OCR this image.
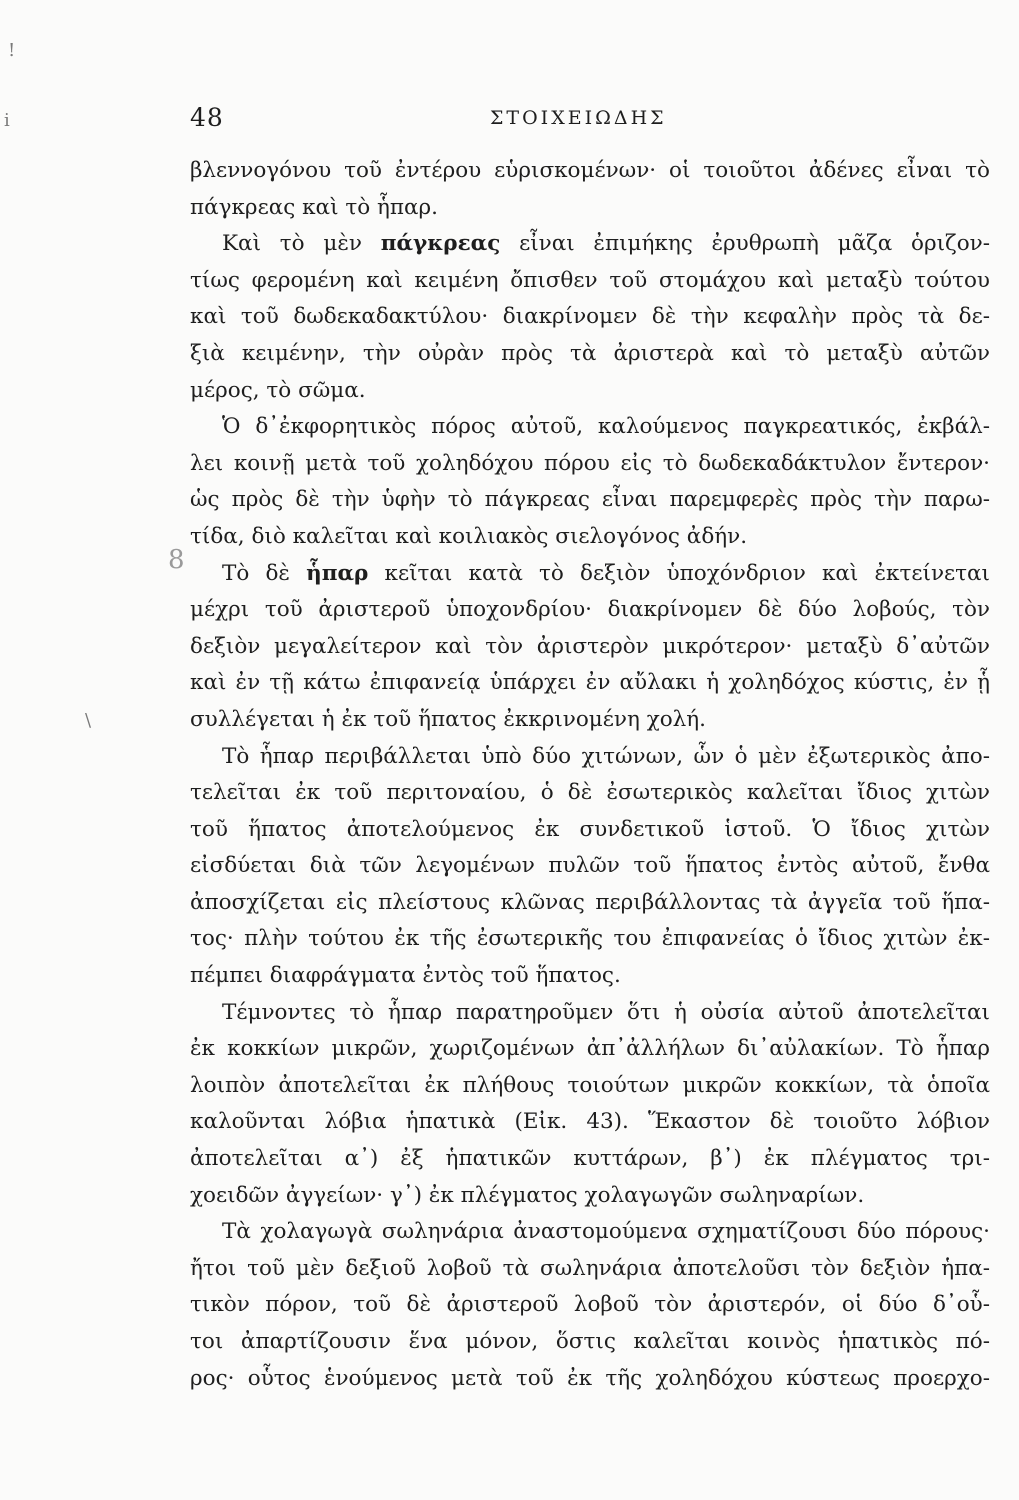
!
i
\
8
48	ΣΤΟΙΧΕΙΩΔΗΣ
βλεννογόνου τοῦ ἐντέρου εὑρισκομένων· οἱ τοιοῦτοι ἀδένες εἶναι τὸ
πάγκρεας καὶ τὸ ἧπαρ.
Καὶ τὸ μὲν πάγκρεας εἶναι ἐπιμήκης ἐρυθρωπὴ μᾶζα ὁριζον-
τίως φερομένη καὶ κειμένη ὄπισθεν τοῦ στομάχου καὶ μεταξὺ τούτου
καὶ τοῦ δωδεκαδακτύλου· διακρίνομεν δὲ τὴν κεφαλὴν πρὸς τὰ δε-
ξιὰ κειμένην, τὴν οὐρὰν πρὸς τὰ ἀριστερὰ καὶ τὸ μεταξὺ αὐτῶν
μέρος, τὸ σῶμα.
Ὁ δ᾽ἐκφορητικὸς πόρος αὐτοῦ, καλούμενος παγκρεατικός, ἐκβάλ-
λει κοινῇ μετὰ τοῦ χοληδόχου πόρου εἰς τὸ δωδεκαδάκτυλον ἔντερον·
ὡς πρὸς δὲ τὴν ὑφὴν τὸ πάγκρεας εἶναι παρεμφερὲς πρὸς τὴν παρω-
τίδα, διὸ καλεῖται καὶ κοιλιακὸς σιελογόνος ἀδήν.
Τὸ δὲ ἧπαρ κεῖται κατὰ τὸ δεξιὸν ὑποχόνδριον καὶ ἐκτείνεται
μέχρι τοῦ ἀριστεροῦ ὑποχονδρίου· διακρίνομεν δὲ δύο λοβούς, τὸν
δεξιὸν μεγαλείτερον καὶ τὸν ἀριστερὸν μικρότερον· μεταξὺ δ᾽αὐτῶν
καὶ ἐν τῇ κάτω ἐπιφανείᾳ ὑπάρχει ἐν αὔλακι ἡ χοληδόχος κύστις, ἐν ᾗ
συλλέγεται ἡ ἐκ τοῦ ἥπατος ἐκκρινομένη χολή.
Τὸ ἧπαρ περιβάλλεται ὑπὸ δύο χιτώνων, ὧν ὁ μὲν ἐξωτερικὸς ἀπο-
τελεῖται ἐκ τοῦ περιτοναίου, ὁ δὲ ἐσωτερικὸς καλεῖται ἴδιος χιτὼν
τοῦ ἥπατος ἀποτελούμενος ἐκ συνδετικοῦ ἱστοῦ. Ὁ ἴδιος χιτὼν
εἰσδύεται διὰ τῶν λεγομένων πυλῶν τοῦ ἥπατος ἐντὸς αὐτοῦ, ἔνθα
ἀποσχίζεται εἰς πλείστους κλῶνας περιβάλλοντας τὰ ἀγγεῖα τοῦ ἥπα-
τος· πλὴν τούτου ἐκ τῆς ἐσωτερικῆς του ἐπιφανείας ὁ ἴδιος χιτὼν ἐκ-
πέμπει διαφράγματα ἐντὸς τοῦ ἥπατος.
Τέμνοντες τὸ ἧπαρ παρατηροῦμεν ὅτι ἡ οὐσία αὐτοῦ ἀποτελεῖται
ἐκ κοκκίων μικρῶν, χωριζομένων ἀπ᾽ἀλλήλων δι᾽αὐλακίων. Τὸ ἧπαρ
λοιπὸν ἀποτελεῖται ἐκ πλήθους τοιούτων μικρῶν κοκκίων, τὰ ὁποῖα
καλοῦνται λόβια ἡπατικὰ (Εἰκ. 43). Ἕκαστον δὲ τοιοῦτο λόβιον
ἀποτελεῖται α᾽) ἐξ ἡπατικῶν κυττάρων, β᾽) ἐκ πλέγματος τρι-
χοειδῶν ἀγγείων· γ᾽) ἐκ πλέγματος χολαγωγῶν σωληναρίων.
Τὰ χολαγωγὰ σωληνάρια ἀναστομούμενα σχηματίζουσι δύο πόρους·
ἤτοι τοῦ μὲν δεξιοῦ λοβοῦ τὰ σωληνάρια ἀποτελοῦσι τὸν δεξιὸν ἡπα-
τικὸν πόρον, τοῦ δὲ ἀριστεροῦ λοβοῦ τὸν ἀριστερόν, οἱ δύο δ᾽οὗ-
τοι ἀπαρτίζουσιν ἕνα μόνον, ὅστις καλεῖται κοινὸς ἡπατικὸς πό-
ρος· οὗτος ἑνούμενος μετὰ τοῦ ἐκ τῆς χοληδόχου κύστεως προερχο-
